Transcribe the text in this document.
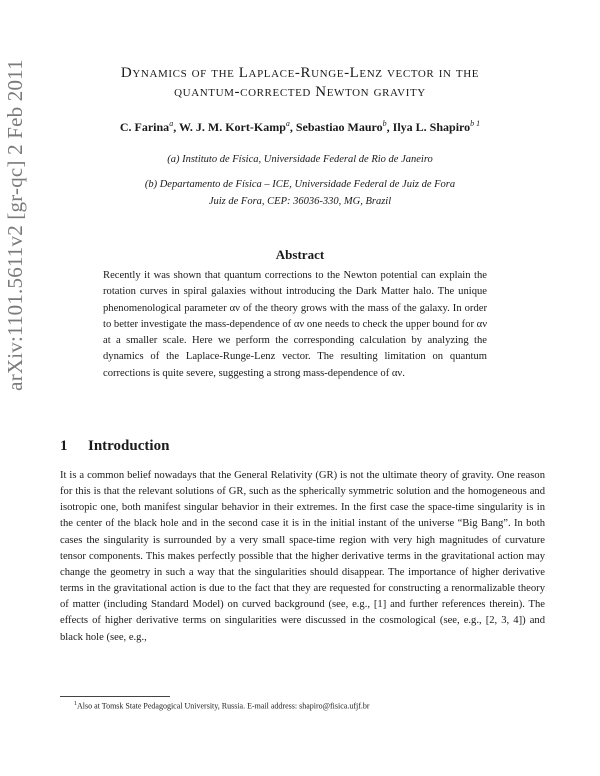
arXiv:1101.5611v2 [gr-qc] 2 Feb 2011	Dynamics of the Laplace-Runge-Lenz vector in the
quantum-corrected Newton gravity
C. Farina$^a$, W. J. M. Kort-Kamp$^a$, Sebastiao Mauro$^b$, Ilya L. Shapiro$^{b 1}$
(a) Instituto de Física, Universidade Federal de Rio de Janeiro
(b) Departamento de Física – ICE, Universidade Federal de Juiz de Fora
Juiz de Fora, CEP: 36036-330, MG, Brazil
Abstract
Recently it was shown that quantum corrections to the Newton potential can explain the rotation curves in spiral galaxies without introducing the Dark Matter halo. The unique phenomenological parameter αν of the theory grows with the mass of the galaxy. In order to better investigate the mass-dependence of αν one needs to check the upper bound for αν at a smaller scale. Here we perform the corresponding calculation by analyzing the dynamics of the Laplace-Runge-Lenz vector. The resulting limitation on quantum corrections is quite severe, suggesting a strong mass-dependence of αν.
1 Introduction
It is a common belief nowadays that the General Relativity (GR) is not the ultimate theory of gravity. One reason for this is that the relevant solutions of GR, such as the spherically symmetric solution and the homogeneous and isotropic one, both manifest singular behavior in their extremes. In the first case the space-time singularity is in the center of the black hole and in the second case it is in the initial instant of the universe “Big Bang”. In both cases the singularity is surrounded by a very small space-time region with very high magnitudes of curvature tensor components. This makes perfectly possible that the higher derivative terms in the gravitational action may change the geometry in such a way that the singularities should disappear. The importance of higher derivative terms in the gravitational action is due to the fact that they are requested for constructing a renormalizable theory of matter (including Standard Model) on curved background (see, e.g., [1] and further references therein). The effects of higher derivative terms on singularities were discussed in the cosmological (see, e.g., [2, 3, 4]) and black hole (see, e.g.,
$^1$Also at Tomsk State Pedagogical University, Russia. E-mail address: shapiro@fisica.ufjf.br
